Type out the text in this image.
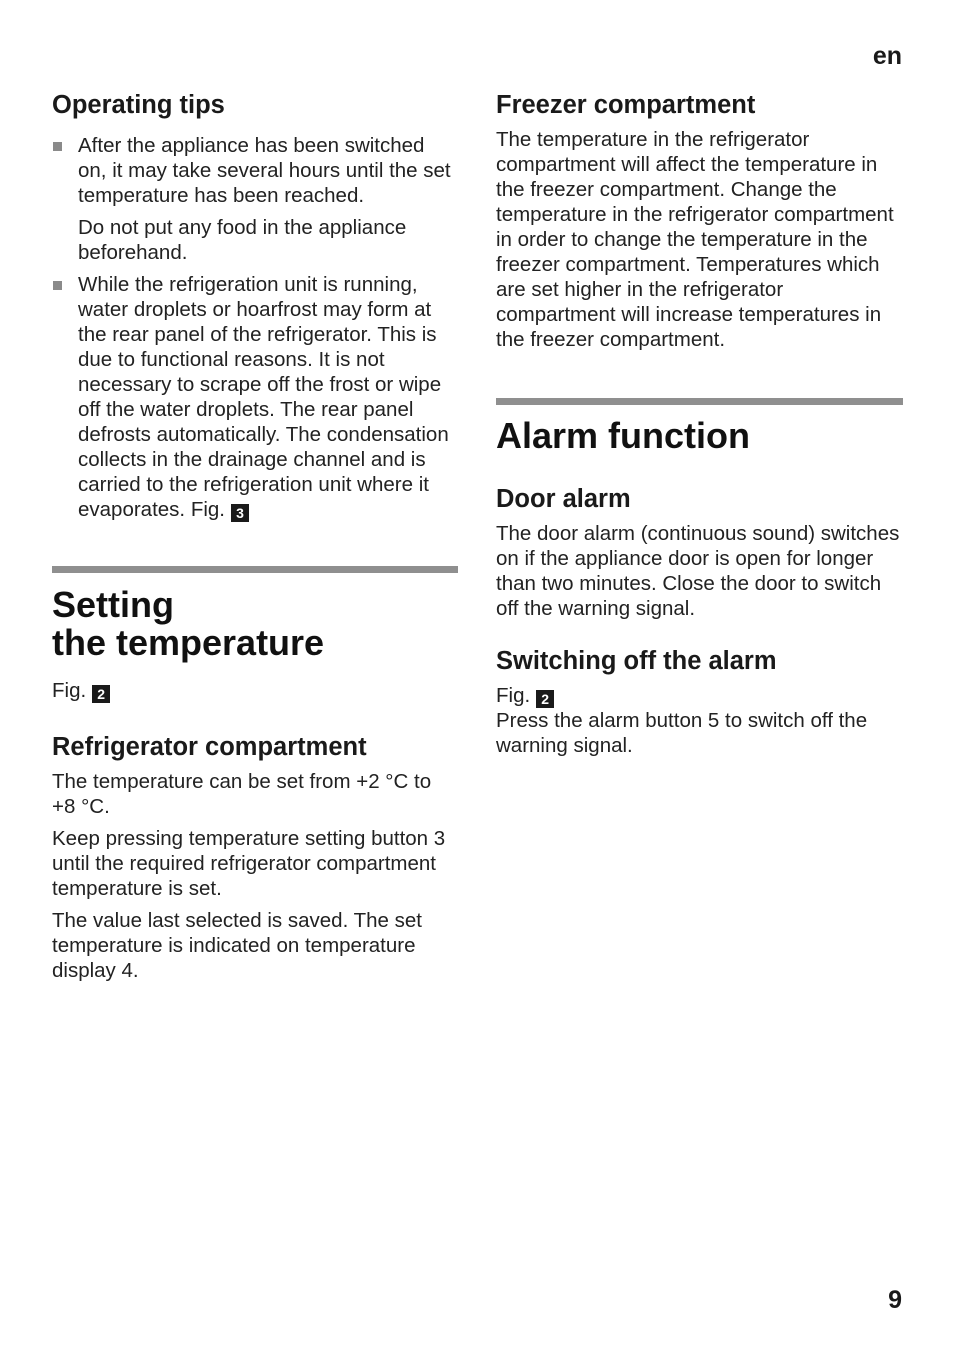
en
Operating tips

After the appliance has been switched on, it may take several hours until the set temperature has been reached.

Do not put any food in the appliance beforehand.

While the refrigeration unit is running, water droplets or hoarfrost may form at the rear panel of the refrigerator. This is due to functional reasons. It is not necessary to scrape off the frost or wipe off the water droplets. The rear panel defrosts automatically. The condensation collects in the drainage channel and is carried to the refrigeration unit where it evaporates. Fig. 3

Setting
the temperature

Fig. 2

Refrigerator compartment

The temperature can be set from +2 °C to +8 °C.

Keep pressing temperature setting button 3 until the required refrigerator compartment temperature is set.

The value last selected is saved. The set temperature is indicated on temperature display 4.

Freezer compartment

The temperature in the refrigerator compartment will affect the temperature in the freezer compartment. Change the temperature in the refrigerator compartment in order to change the temperature in the freezer compartment. Temperatures which are set higher in the refrigerator compartment will increase temperatures in the freezer compartment.

Alarm function
Door alarm

The door alarm (continuous sound) switches on if the appliance door is open for longer than two minutes. Close the door to switch off the warning signal.

Switching off the alarm

Fig. 2

Press the alarm button 5 to switch off the warning signal.

9
